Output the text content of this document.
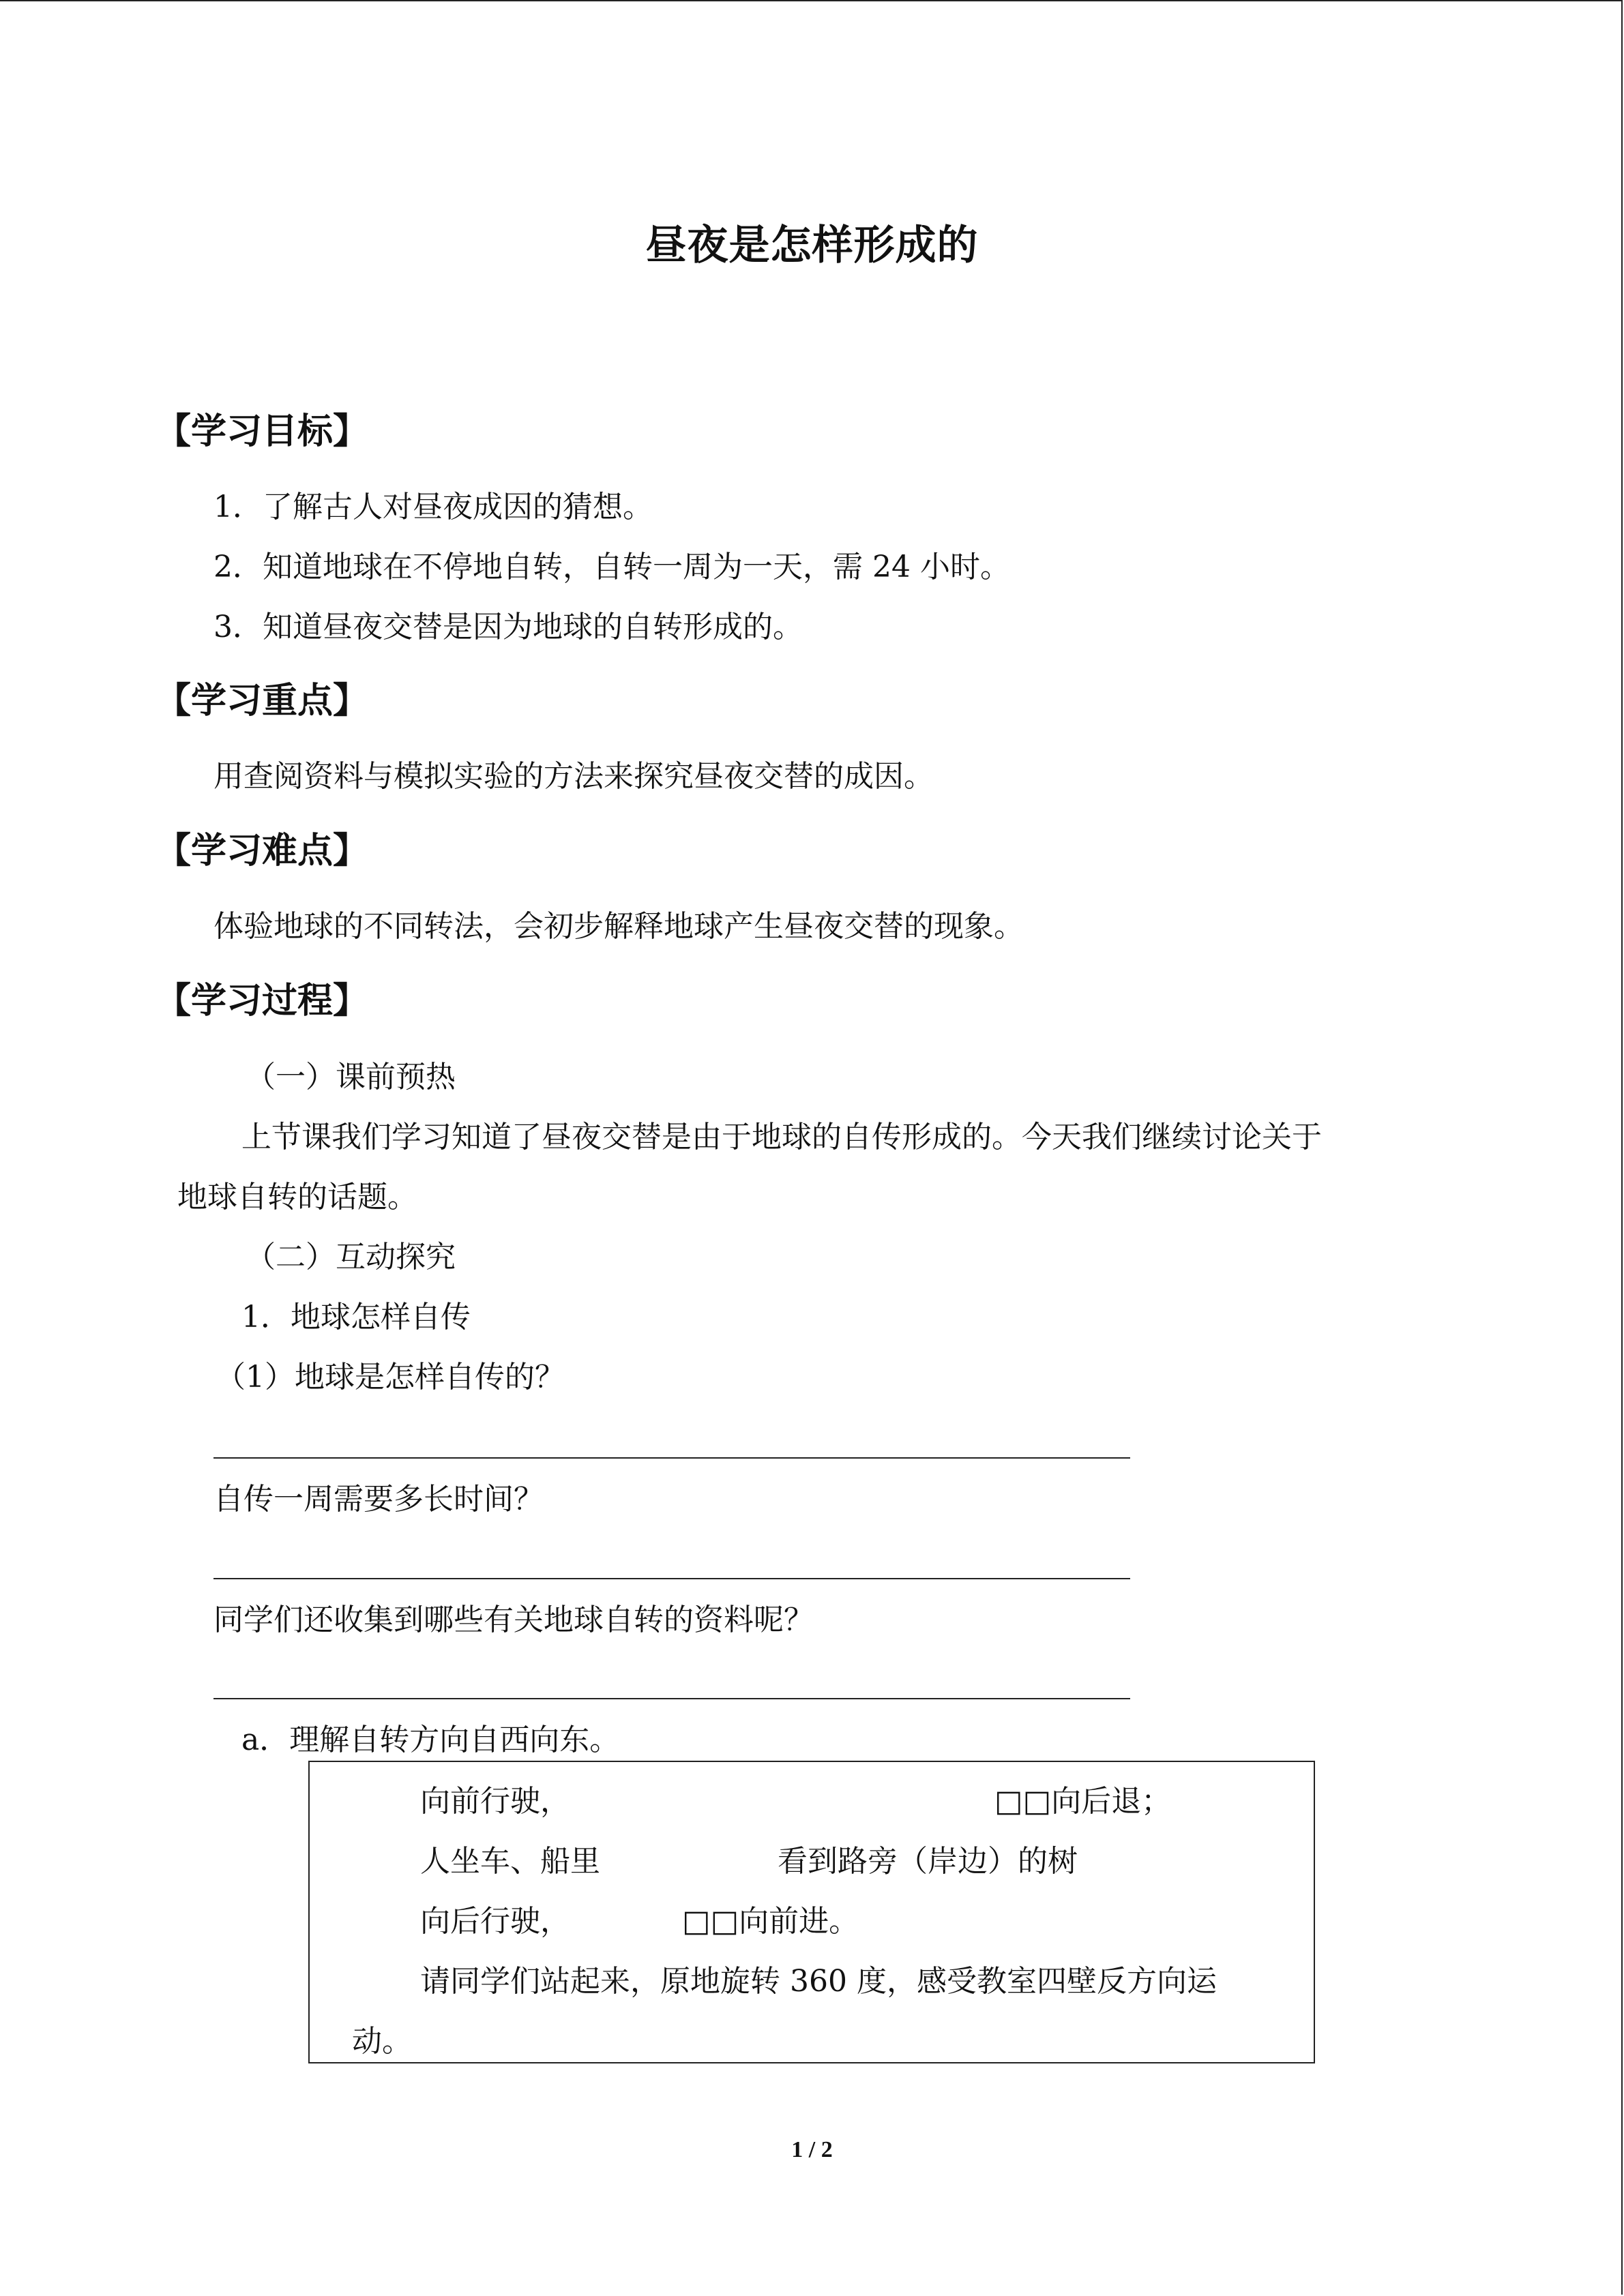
昼夜是怎样形成的
【学习目标】
1．了解古人对昼夜成因的猜想。
2．知道地球在不停地自转，自转一周为一天，需 24 小时。
3．知道昼夜交替是因为地球的自转形成的。
【学习重点】
用查阅资料与模拟实验的方法来探究昼夜交替的成因。
【学习难点】
体验地球的不同转法，会初步解释地球产生昼夜交替的现象。
【学习过程】
（一）课前预热
上节课我们学习知道了昼夜交替是由于地球的自传形成的。今天我们继续讨论关于
地球自转的话题。
（二）互动探究
1．地球怎样自传
（1）地球是怎样自传的？
自传一周需要多长时间？
同学们还收集到哪些有关地球自转的资料呢？
a．理解自转方向自西向东。
向前行驶，	□□向后退；
人坐车、船里	看到路旁（岸边）的树
向后行驶，	□□向前进。
请同学们站起来，原地旋转 360 度，感受教室四壁反方向运
动。
1 / 2
